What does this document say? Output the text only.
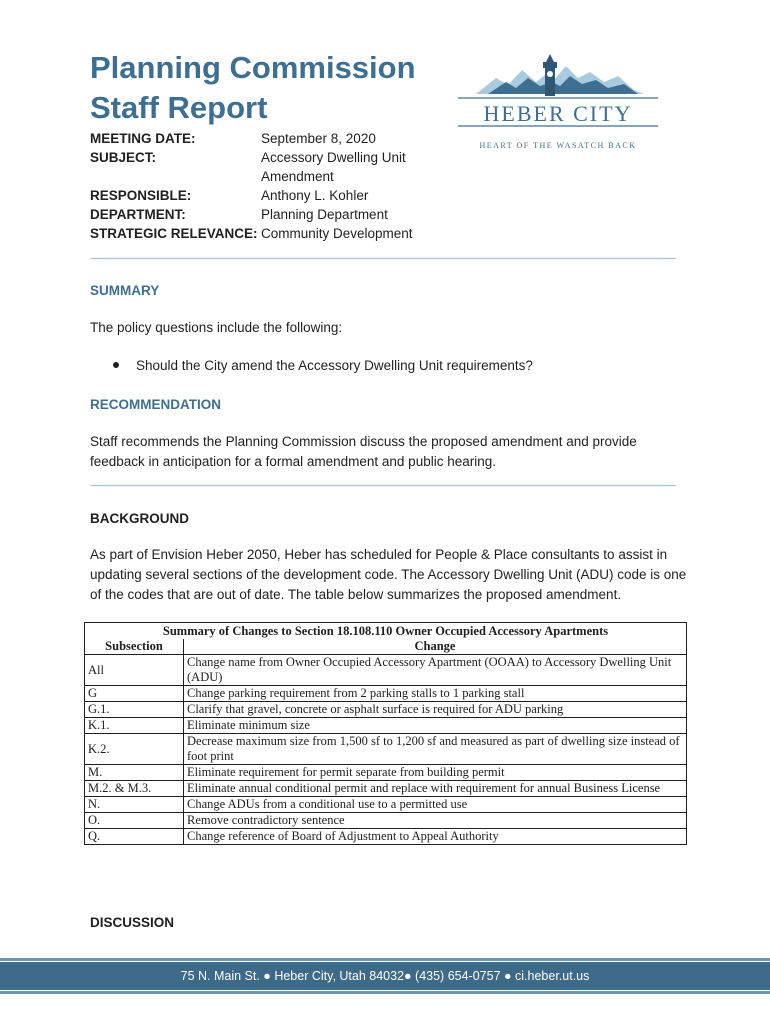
Planning Commission
Staff Report	HEBER CITY
HEART OF THE WASATCH BACK
MEETING DATE:	September 8, 2020
SUBJECT:	Accessory Dwelling Unit
Amendment
RESPONSIBLE:	Anthony L. Kohler
DEPARTMENT:	Planning Department
STRATEGIC RELEVANCE: Community Development
SUMMARY
The policy questions include the following:
Should the City amend the Accessory Dwelling Unit requirements?
RECOMMENDATION
Staff recommends the Planning Commission discuss the proposed amendment and provide feedback in anticipation for a formal amendment and public hearing.
BACKGROUND
As part of Envision Heber 2050, Heber has scheduled for People & Place consultants to assist in updating several sections of the development code. The Accessory Dwelling Unit (ADU) code is one of the codes that are out of date. The table below summarizes the proposed amendment.
Summary of Changes to Section 18.108.110 Owner Occupied Accessory Apartments	
Subsection	Change
All	Change name from Owner Occupied Accessory Apartment (OOAA) to Accessory Dwelling Unit (ADU)
G	Change parking requirement from 2 parking stalls to 1 parking stall
G.1.	Clarify that gravel, concrete or asphalt surface is required for ADU parking
K.1.	Eliminate minimum size
K.2.	Decrease maximum size from 1,500 sf to 1,200 sf and measured as part of dwelling size instead of foot print
M.	Eliminate requirement for permit separate from building permit
M.2. & M.3.	Eliminate annual conditional permit and replace with requirement for annual Business License
N.	Change ADUs from a conditional use to a permitted use
O.	Remove contradictory sentence
Q.	Change reference of Board of Adjustment to Appeal Authority
DISCUSSION
75 N. Main St. ● Heber City, Utah 84032● (435) 654-0757 ● ci.heber.ut.us
